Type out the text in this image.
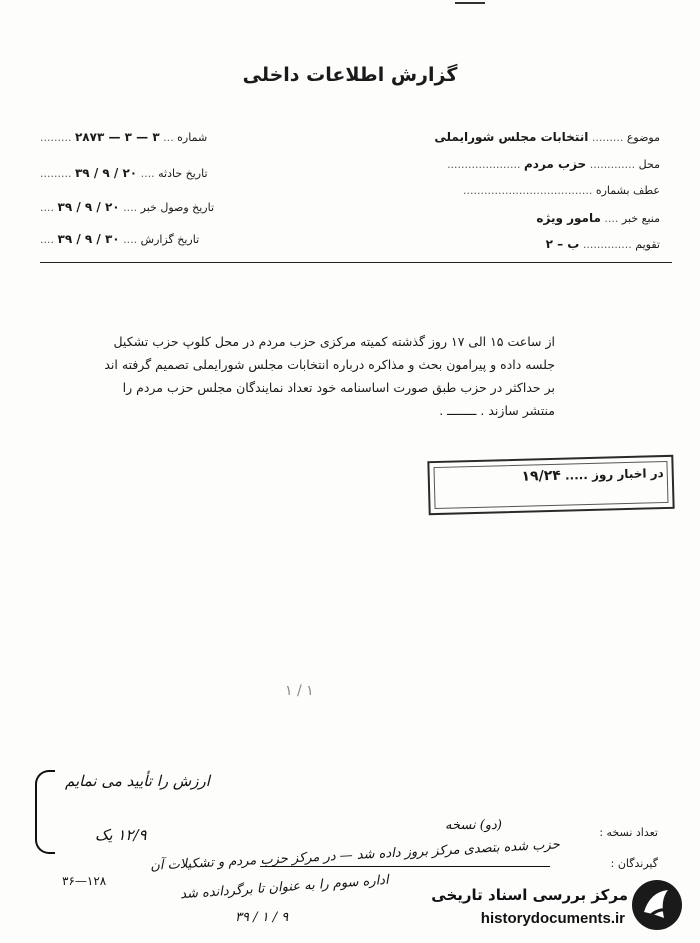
گزارش اطلاعات داخلی
موضوع ......... انتخابات مجلس شورایملی
محل ............. حزب مردم .....................
عطف بشماره .....................................
منبع خبر .... مامور ویژه
تقویم .............. ب – ۲
شماره ... ۳ — ۳ — ۲۸۷۳ .........
تاریخ حادثه .... ۲۰ / ۹ / ۳۹ .........
تاریخ وصول خبر .... ۲۰ / ۹ / ۳۹ ....
تاریخ گزارش .... ۳۰ / ۹ / ۳۹ ....

از ساعت ۱۵ الی ۱۷ روز گذشته کمیته مرکزی حزب مردم در محل کلوپ حزب تشکیل

جلسه داده و پیرامون بحث و مذاکره درباره انتخابات مجلس شورایملی تصمیم گرفته اند

بر حداکثر در حزب طبق صورت اساسنامه خود تعداد نمایندگان مجلس حزب مردم را

منتشر سازند . ــــــــ .

در اخبار روز ..... ۱۹/۲۴
۱ / ۱
ارزش را تأیید می نمایم
تعداد نسخه :
(دو) نسخه
۱۲/۹ یک
گیرندگان :
حزب شده بتصدی مرکز بروز داده شد — در مرکز حزب مردم و تشکیلات آن
اداره سوم را به عنوان تا برگردانده شد
۱۲۸—۳۶
۹ / ۱ / ۳۹
مرکز بررسی اسناد تاریخی
historydocuments.ir
